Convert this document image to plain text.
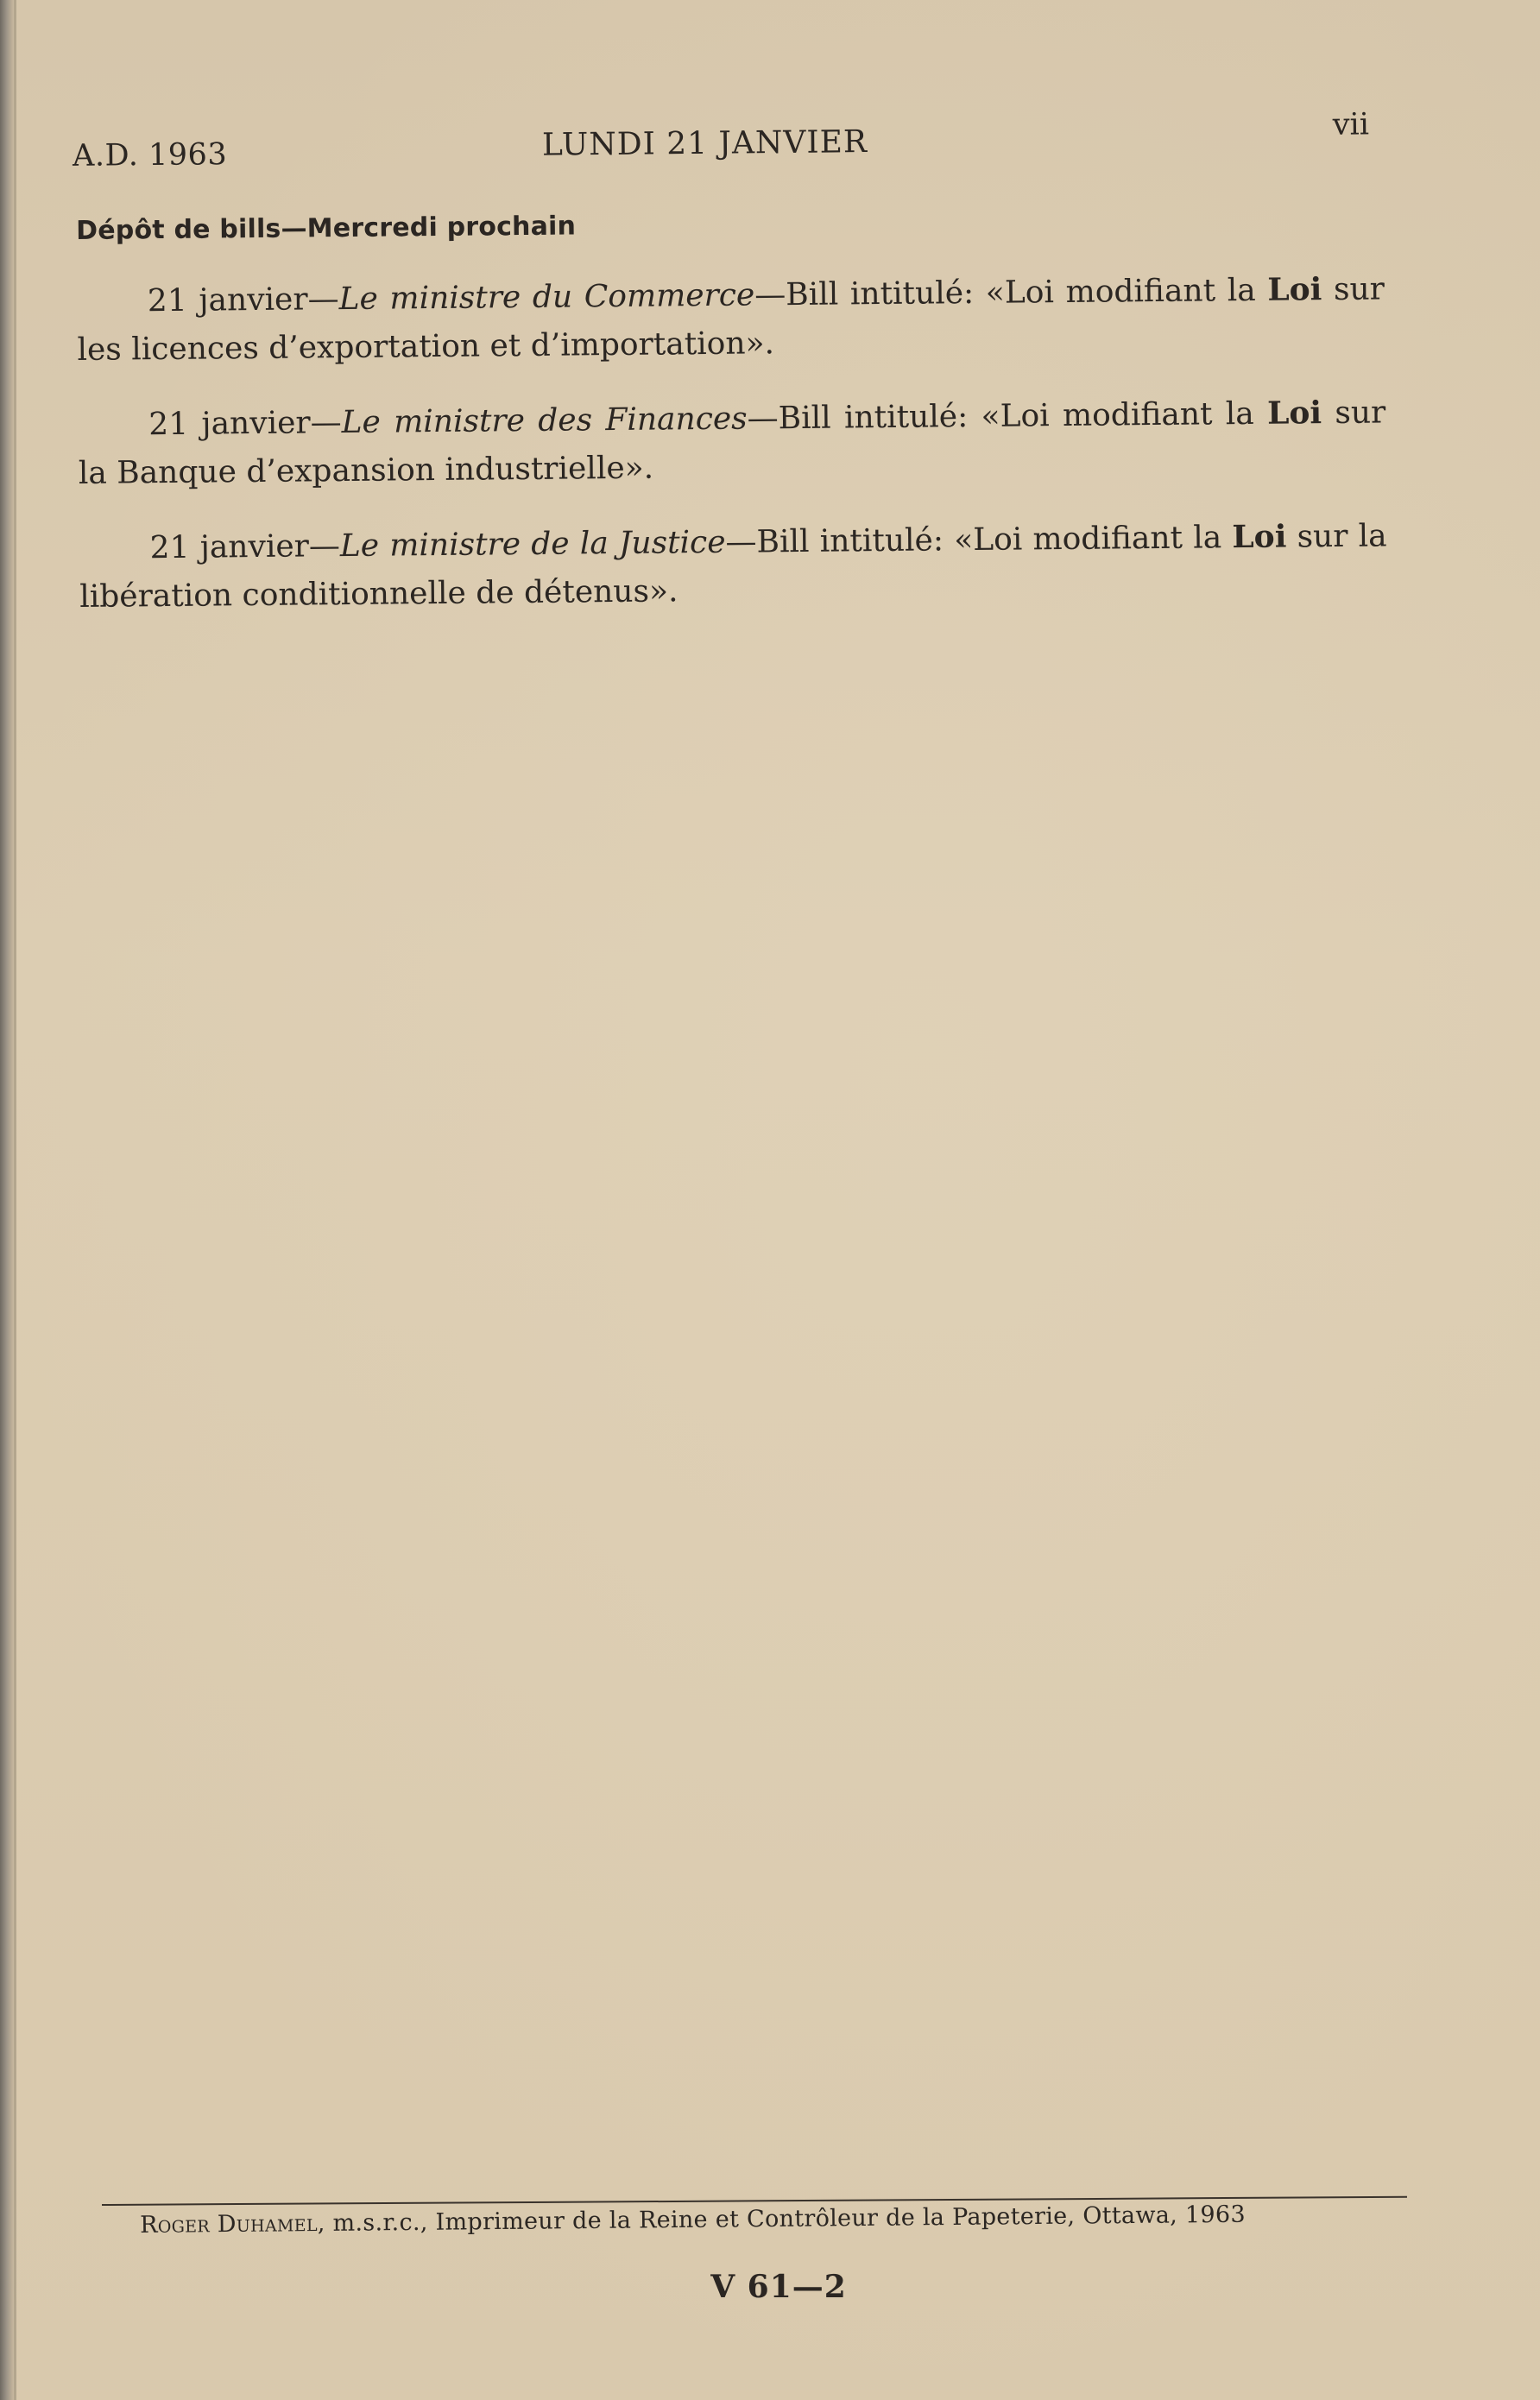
A.D. 1963	LUNDI 21 JANVIER	vii
Dépôt de bills—Mercredi prochain

21 janvier—Le ministre du Commerce—Bill intitulé: «Loi modifiant la Loi sur les licences d’exportation et d’importation».

21 janvier—Le ministre des Finances—Bill intitulé: «Loi modifiant la Loi sur la Banque d’expansion industrielle».

21 janvier—Le ministre de la Justice—Bill intitulé: «Loi modifiant la Loi sur la libération conditionnelle de détenus».

Roger Duhamel, m.s.r.c., Imprimeur de la Reine et Contrôleur de la Papeterie, Ottawa, 1963
V 61—2
